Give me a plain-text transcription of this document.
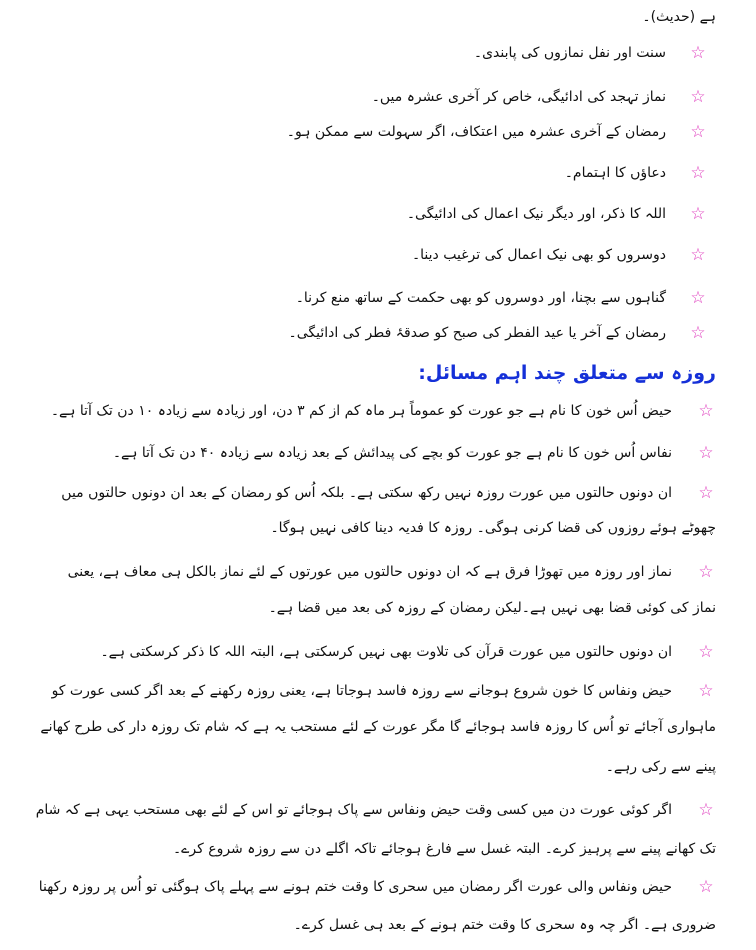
ہے (حدیث)۔
☆
سنت اور نفل نمازوں کی پابندی۔
☆
نماز تہجد کی ادائیگی، خاص کر آخری عشرہ میں۔
☆
رمضان کے آخری عشرہ میں اعتکاف، اگر سہولت سے ممکن ہو۔
☆
دعاؤں کا اہتمام۔
☆
اللہ کا ذکر، اور دیگر نیک اعمال کی ادائیگی۔
☆
دوسروں کو بھی نیک اعمال کی ترغیب دینا۔
☆
گناہوں سے بچنا، اور دوسروں کو بھی حکمت کے ساتھ منع کرنا۔
☆
رمضان کے آخر یا عید الفطر کی صبح کو صدقۂ فطر کی ادائیگی۔
روزہ سے متعلق چند اہم مسائل:
☆
حیض اُس خون کا نام ہے جو عورت کو عموماً ہر ماہ کم از کم ۳ دن، اور زیادہ سے زیادہ ۱۰ دن تک آتا ہے۔
☆
نفاس اُس خون کا نام ہے جو عورت کو بچے کی پیدائش کے بعد زیادہ سے زیادہ ۴۰ دن تک آتا ہے۔
☆
ان دونوں حالتوں میں عورت روزہ نہیں رکھ سکتی ہے۔ بلکہ اُس کو رمضان کے بعد ان دونوں حالتوں میں
چھوٹے ہوئے روزوں کی قضا کرنی ہوگی۔ روزہ کا فدیہ دینا کافی نہیں ہوگا۔
☆
نماز اور روزہ میں تھوڑا فرق ہے کہ ان دونوں حالتوں میں عورتوں کے لئے نماز بالکل ہی معاف ہے، یعنی
نماز کی کوئی قضا بھی نہیں ہے۔لیکن رمضان کے روزہ کی بعد میں قضا ہے۔
☆
ان دونوں حالتوں میں عورت قرآن کی تلاوت بھی نہیں کرسکتی ہے، البتہ اللہ کا ذکر کرسکتی ہے۔
☆
حیض ونفاس کا خون شروع ہوجانے سے روزہ فاسد ہوجاتا ہے، یعنی روزہ رکھنے کے بعد اگر کسی عورت کو
ماہواری آجائے تو اُس کا روزہ فاسد ہوجائے گا مگر عورت کے لئے مستحب یہ ہے کہ شام تک روزہ دار کی طرح کھانے
پینے سے رکی رہے۔
☆
اگر کوئی عورت دن میں کسی وقت حیض ونفاس سے پاک ہوجائے تو اس کے لئے بھی مستحب یہی ہے کہ شام
تک کھانے پینے سے پرہیز کرے۔ البتہ غسل سے فارغ ہوجائے تاکہ اگلے دن سے روزہ شروع کرے۔
☆
حیض ونفاس والی عورت اگر رمضان میں سحری کا وقت ختم ہونے سے پہلے پاک ہوگئی تو اُس پر روزہ رکھنا
ضروری ہے۔ اگر چہ وہ سحری کا وقت ختم ہونے کے بعد ہی غسل کرے۔
